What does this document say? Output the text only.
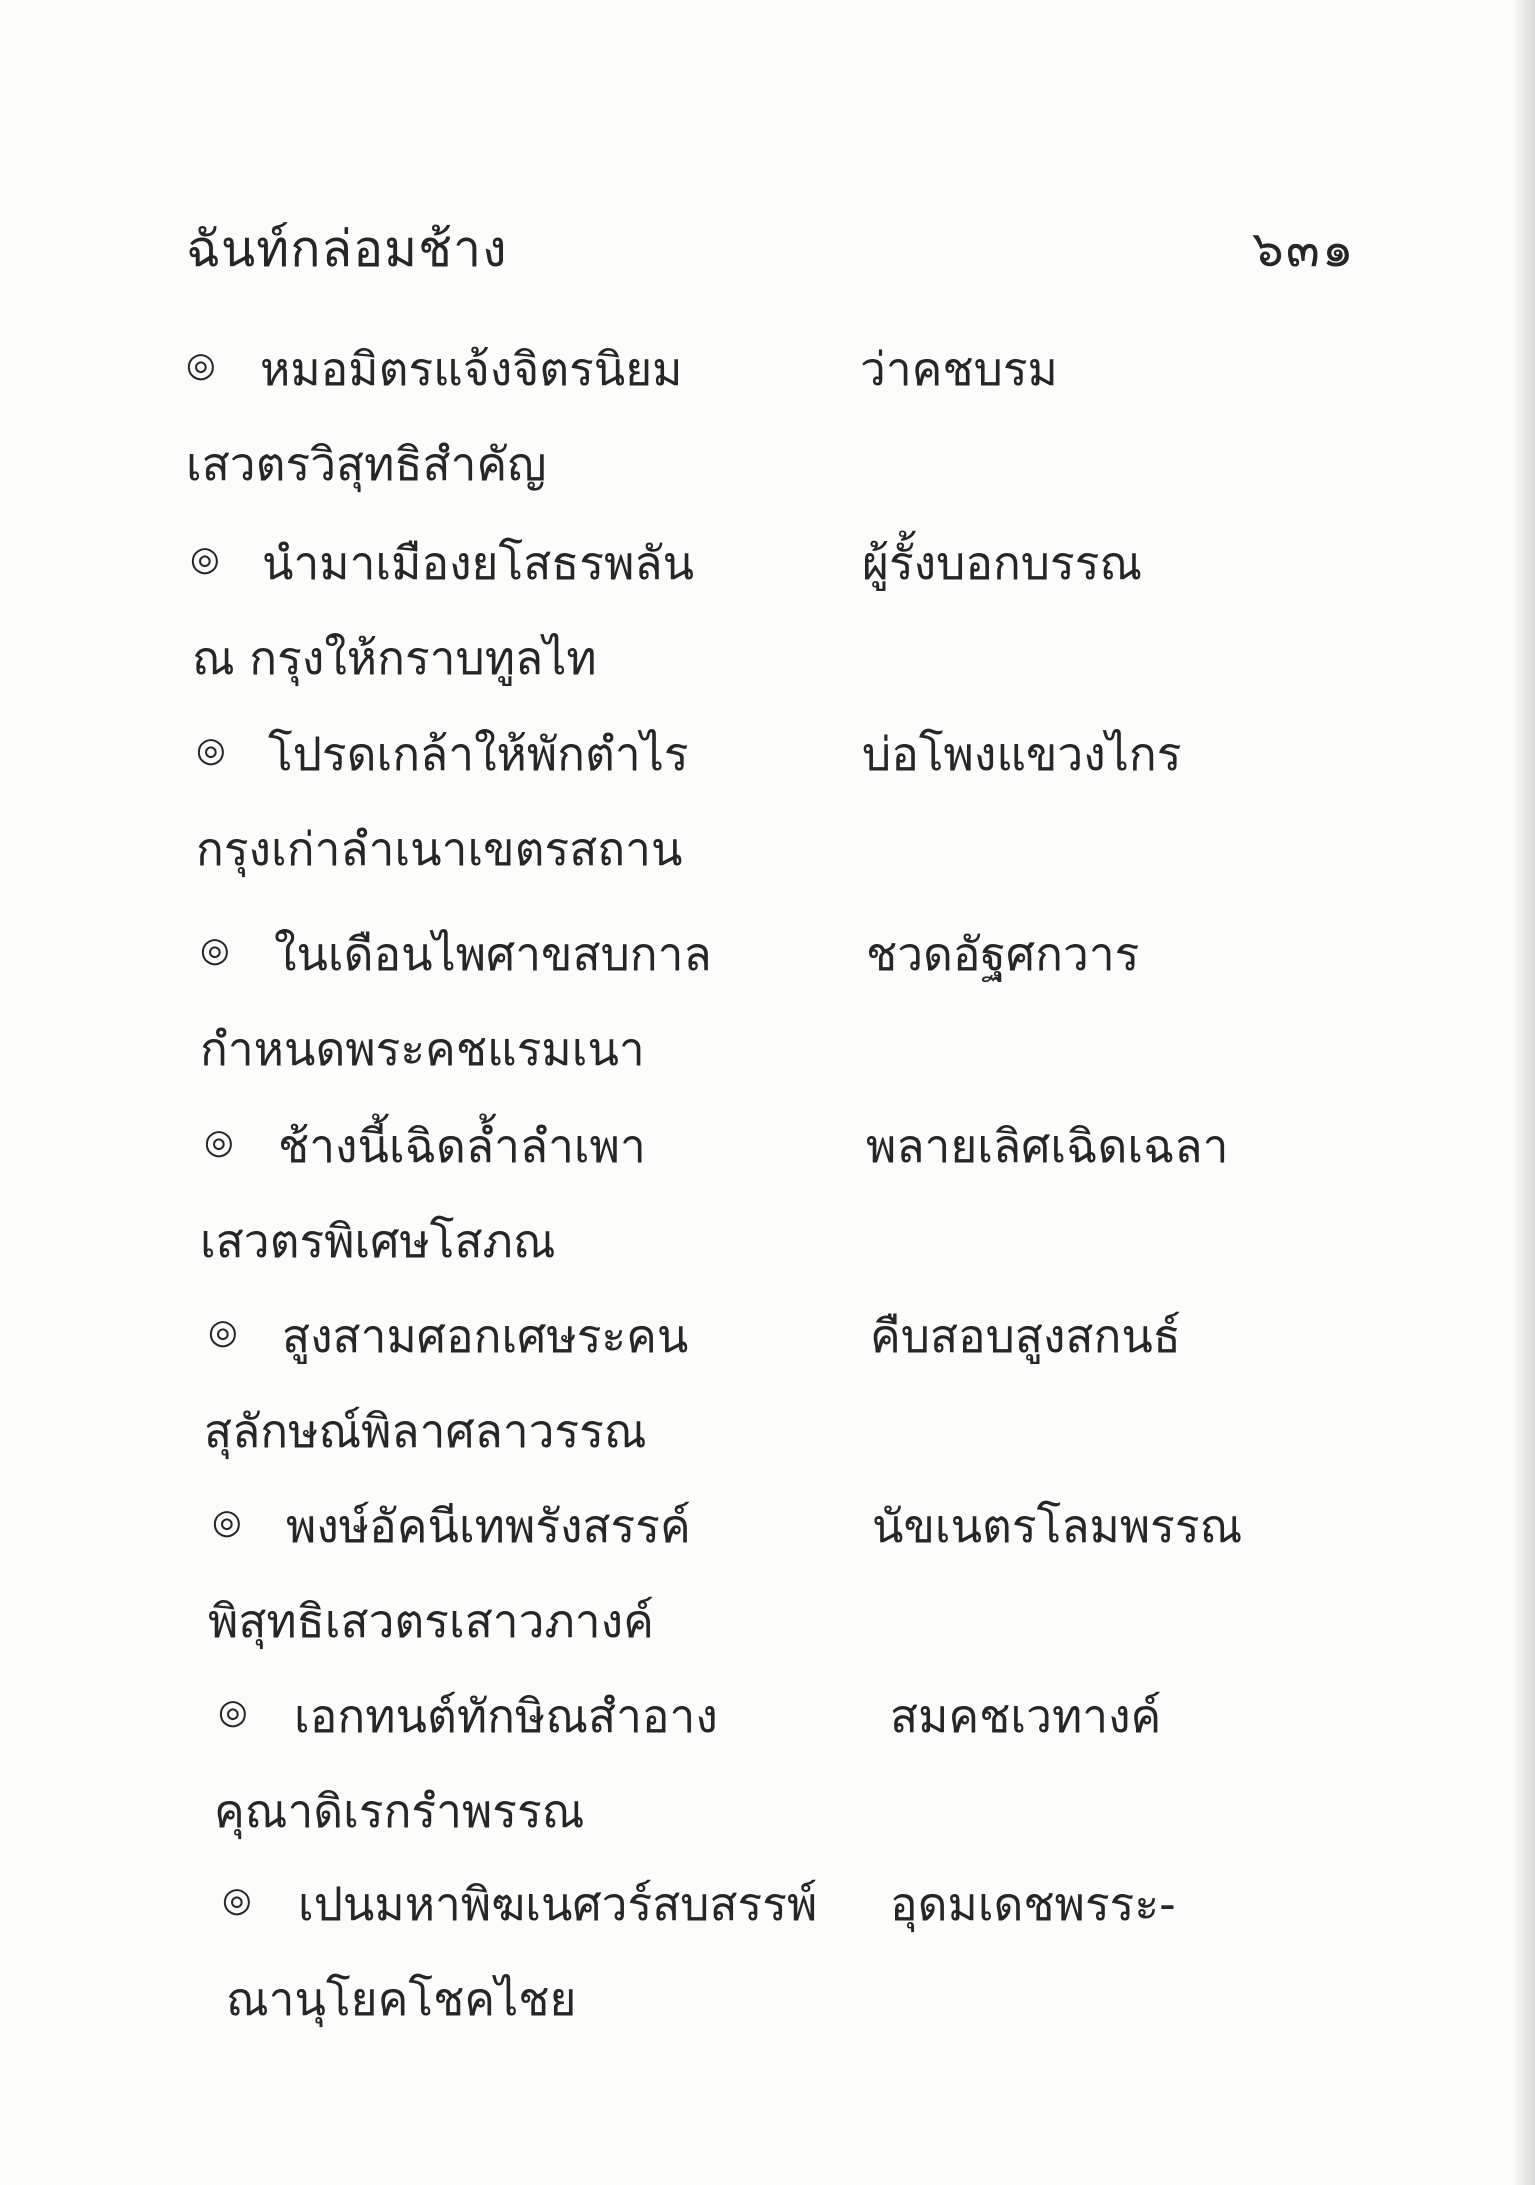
ฉันท์กล่อมช้าง	๖๓๑
◎ หมอมิตรแจ้งจิตรนิยม	ว่าคชบรม
เสวตรวิสุทธิสำคัญ
◎ นำมาเมืองยโสธรพลัน	ผู้รั้งบอกบรรณ
ณ กรุงให้กราบทูลไท
◎ โปรดเกล้าให้พักตำไร	บ่อโพงแขวงไกร
กรุงเก่าลำเนาเขตรสถาน
◎ ในเดือนไพศาขสบกาล	ชวดอัฐศกวาร
กำหนดพระคชแรมเนา
◎ ช้างนี้เฉิดล้ำลำเพา	พลายเลิศเฉิดเฉลา
เสวตรพิเศษโสภณ
◎ สูงสามศอกเศษระคน	คืบสอบสูงสกนธ์
สุลักษณ์พิลาศลาวรรณ
◎ พงษ์อัคนีเทพรังสรรค์	นัขเนตรโลมพรรณ
พิสุทธิเสวตรเสาวภางค์
◎ เอกทนต์ทักษิณสำอาง	สมคชเวทางค์
คุณาดิเรกรำพรรณ
◎ เปนมหาพิฆเนศวร์สบสรรพ์ อุดมเดชพรระ-
ณานุโยคโชคไชย
